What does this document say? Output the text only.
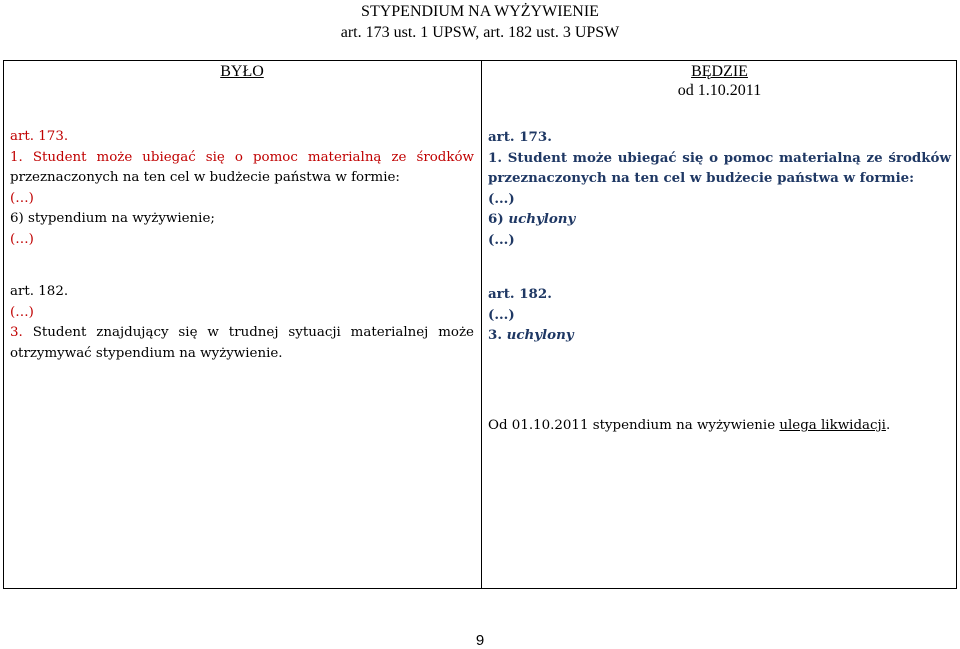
STYPENDIUM NA WYŻYWIENIE
art. 173 ust. 1 UPSW, art. 182 ust. 3 UPSW
BYŁO	BĘDZIE
od 1.10.2011
art. 173.
1. Student może ubiegać się o pomoc materialną ze środków
przeznaczonych na ten cel w budżecie państwa w formie:
(…)
6) stypendium na wyżywienie;
(…)
art. 173.
1. Student może ubiegać się o pomoc materialną ze środków
przeznaczonych na ten cel w budżecie państwa w formie:
(...)
6) uchylony
(...)
art. 182.
(…)
3. Student znajdujący się w trudnej sytuacji materialnej może
otrzymywać stypendium na wyżywienie.
art. 182.
(...)
3. uchylony
Od 01.10.2011 stypendium na wyżywienie ulega likwidacji.
9
